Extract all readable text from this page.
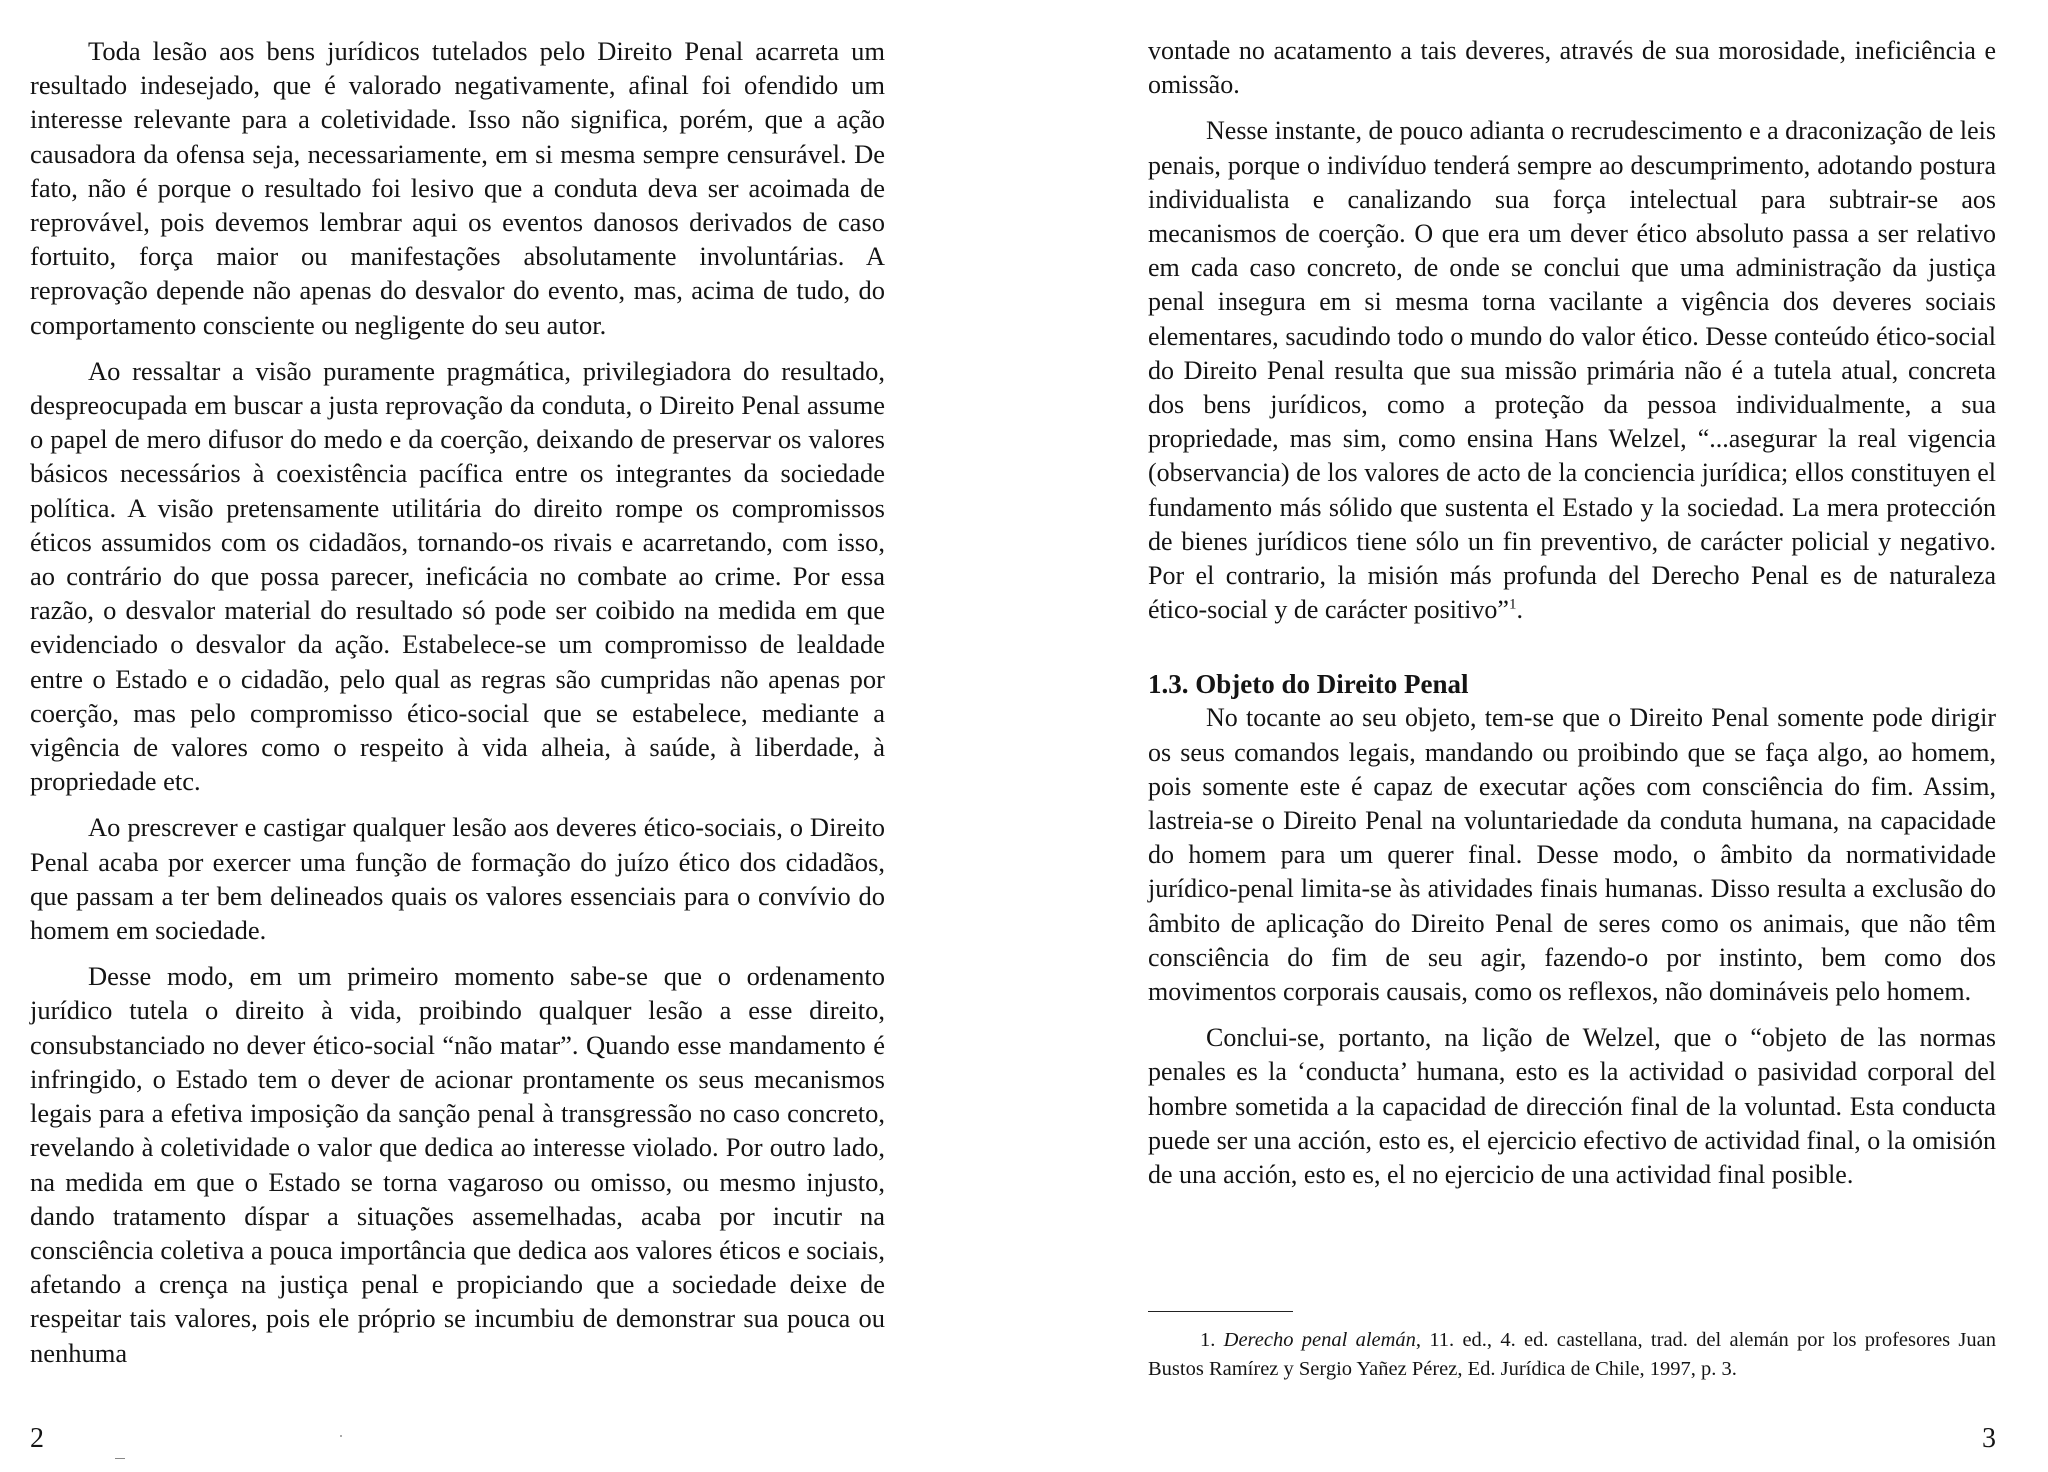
Toda lesão aos bens jurídicos tutelados pelo Direito Penal acarreta um resultado indesejado, que é valorado negativamente, afinal foi ofendido um interesse relevante para a coletividade. Isso não significa, porém, que a ação causadora da ofensa seja, necessariamente, em si mesma sempre censurável. De fato, não é porque o resultado foi lesivo que a conduta deva ser acoimada de reprovável, pois devemos lembrar aqui os eventos danosos derivados de caso fortuito, força maior ou manifestações absolutamente involuntárias. A reprovação depende não apenas do desvalor do evento, mas, acima de tudo, do comportamento consciente ou negligente do seu autor.

Ao ressaltar a visão puramente pragmática, privilegiadora do resultado, despreocupada em buscar a justa reprovação da conduta, o Direito Penal assume o papel de mero difusor do medo e da coerção, deixando de preservar os valores básicos necessários à coexistência pacífica entre os integrantes da sociedade política. A visão pretensamente utilitária do direito rompe os compromissos éticos assumidos com os cidadãos, tornando-os rivais e acarretando, com isso, ao contrário do que possa parecer, ineficácia no combate ao crime. Por essa razão, o desvalor material do resultado só pode ser coibido na medida em que evidenciado o desvalor da ação. Estabelece-se um compromisso de lealdade entre o Estado e o cidadão, pelo qual as regras são cumpridas não apenas por coerção, mas pelo compromisso ético-social que se estabelece, mediante a vigência de valores como o respeito à vida alheia, à saúde, à liberdade, à propriedade etc.

Ao prescrever e castigar qualquer lesão aos deveres ético-sociais, o Direito Penal acaba por exercer uma função de formação do juízo ético dos cidadãos, que passam a ter bem delineados quais os valores essenciais para o convívio do homem em sociedade.

Desse modo, em um primeiro momento sabe-se que o ordenamento jurídico tutela o direito à vida, proibindo qualquer lesão a esse direito, consubstanciado no dever ético-social “não matar”. Quando esse mandamento é infringido, o Estado tem o dever de acionar prontamente os seus mecanismos legais para a efetiva imposição da sanção penal à transgressão no caso concreto, revelando à coletividade o valor que dedica ao interesse violado. Por outro lado, na medida em que o Estado se torna vagaroso ou omisso, ou mesmo injusto, dando tratamento díspar a situações assemelhadas, acaba por incutir na consciência coletiva a pouca importância que dedica aos valores éticos e sociais, afetando a crença na justiça penal e propiciando que a sociedade deixe de respeitar tais valores, pois ele próprio se incumbiu de demonstrar sua pouca ou nenhuma

2

vontade no acatamento a tais deveres, através de sua morosidade, ineficiência e omissão.

Nesse instante, de pouco adianta o recrudescimento e a draconização de leis penais, porque o indivíduo tenderá sempre ao descumprimento, adotando postura individualista e canalizando sua força intelectual para subtrair-se aos mecanismos de coerção. O que era um dever ético absoluto passa a ser relativo em cada caso concreto, de onde se conclui que uma administração da justiça penal insegura em si mesma torna vacilante a vigência dos deveres sociais elementares, sacudindo todo o mundo do valor ético. Desse conteúdo ético-social do Direito Penal resulta que sua missão primária não é a tutela atual, concreta dos bens jurídicos, como a proteção da pessoa individualmente, a sua propriedade, mas sim, como ensina Hans Welzel, “...asegurar la real vigencia (observancia) de los valores de acto de la conciencia jurídica; ellos constituyen el fundamento más sólido que sustenta el Estado y la sociedad. La mera protección de bienes jurídicos tiene sólo un fin preventivo, de carácter policial y negativo. Por el contrario, la misión más profunda del Derecho Penal es de naturaleza ético-social y de carácter positivo”$^1$.

1.3. Objeto do Direito Penal

No tocante ao seu objeto, tem-se que o Direito Penal somente pode dirigir os seus comandos legais, mandando ou proibindo que se faça algo, ao homem, pois somente este é capaz de executar ações com consciência do fim. Assim, lastreia-se o Direito Penal na voluntariedade da conduta humana, na capacidade do homem para um querer final. Desse modo, o âmbito da normatividade jurídico-penal limita-se às atividades finais humanas. Disso resulta a exclusão do âmbito de aplicação do Direito Penal de seres como os animais, que não têm consciência do fim de seu agir, fazendo-o por instinto, bem como dos movimentos corporais causais, como os reflexos, não domináveis pelo homem.

Conclui-se, portanto, na lição de Welzel, que o “objeto de las normas penales es la ‘conducta’ humana, esto es la actividad o pasividad corporal del hombre sometida a la capacidad de dirección final de la voluntad. Esta conducta puede ser una acción, esto es, el ejercicio efectivo de actividad final, o la omisión de una acción, esto es, el no ejercicio de una actividad final posible.

1. Derecho penal alemán, 11. ed., 4. ed. castellana, trad. del alemán por los profesores Juan Bustos Ramírez y Sergio Yañez Pérez, Ed. Jurídica de Chile, 1997, p. 3.
3
